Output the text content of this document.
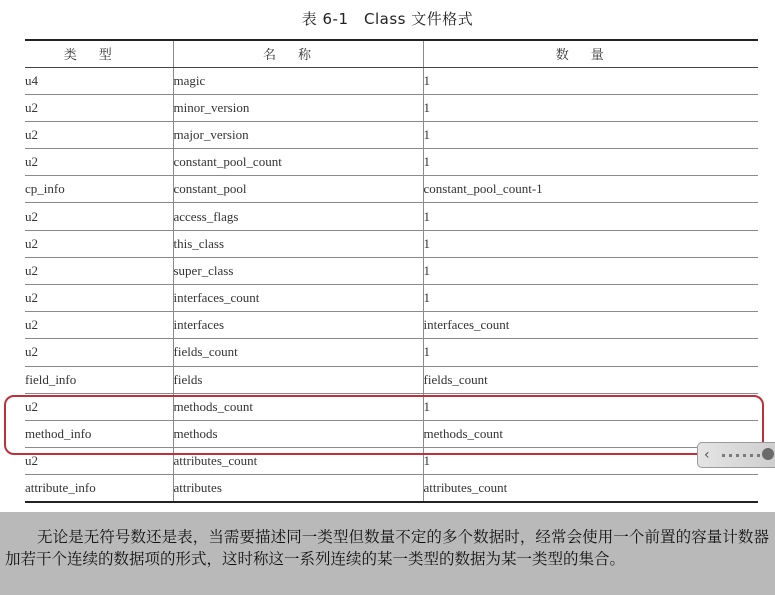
表 6-1　Class 文件格式
类型	名称	数量
u4	magic	1
u2	minor_version	1
u2	major_version	1
u2	constant_pool_count	1
cp_info	constant_pool	constant_pool_count-1
u2	access_flags	1
u2	this_class	1
u2	super_class	1
u2	interfaces_count	1
u2	interfaces	interfaces_count
u2	fields_count	1
field_info	fields	fields_count
u2	methods_count	1
method_info	methods	methods_count
u2	attributes_count	1
attribute_info	attributes	attributes_count
‹

无论是无符号数还是表，当需要描述同一类型但数量不定的多个数据时，经常会使用一个前置的容量计数器加若干个连续的数据项的形式，这时称这一系列连续的某一类型的数据为某一类型的集合。
